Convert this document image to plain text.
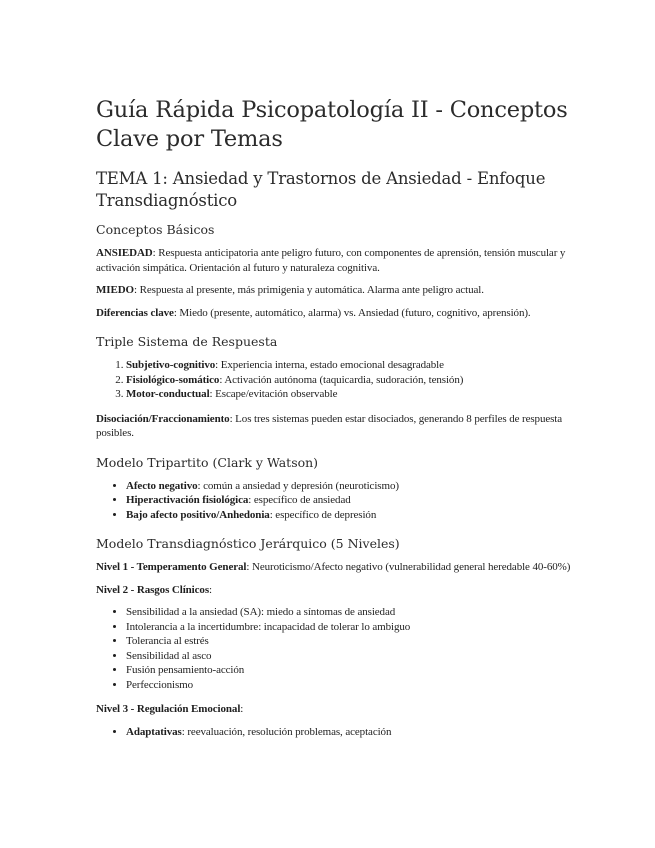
Guía Rápida Psicopatología II - Conceptos Clave por Temas
TEMA 1: Ansiedad y Trastornos de Ansiedad - Enfoque Transdiagnóstico
Conceptos Básicos

ANSIEDAD: Respuesta anticipatoria ante peligro futuro, con componentes de aprensión, tensión muscular y activación simpática. Orientación al futuro y naturaleza cognitiva.

MIEDO: Respuesta al presente, más primigenia y automática. Alarma ante peligro actual.

Diferencias clave: Miedo (presente, automático, alarma) vs. Ansiedad (futuro, cognitivo, aprensión).

Triple Sistema de Respuesta
1. Subjetivo-cognitivo: Experiencia interna, estado emocional desagradable
2. Fisiológico-somático: Activación autónoma (taquicardia, sudoración, tensión)
3. Motor-conductual: Escape/evitación observable

Disociación/Fraccionamiento: Los tres sistemas pueden estar disociados, generando 8 perfiles de respuesta posibles.

Modelo Tripartito (Clark y Watson)
• Afecto negativo: común a ansiedad y depresión (neuroticismo)
• Hiperactivación fisiológica: específico de ansiedad
• Bajo afecto positivo/Anhedonia: específico de depresión
Modelo Transdiagnóstico Jerárquico (5 Niveles)

Nivel 1 - Temperamento General: Neuroticismo/Afecto negativo (vulnerabilidad general heredable 40-60%)

Nivel 2 - Rasgos Clínicos:

• Sensibilidad a la ansiedad (SA): miedo a síntomas de ansiedad
• Intolerancia a la incertidumbre: incapacidad de tolerar lo ambiguo
• Tolerancia al estrés
• Sensibilidad al asco
• Fusión pensamiento-acción
• Perfeccionismo

Nivel 3 - Regulación Emocional:

• Adaptativas: reevaluación, resolución problemas, aceptación
